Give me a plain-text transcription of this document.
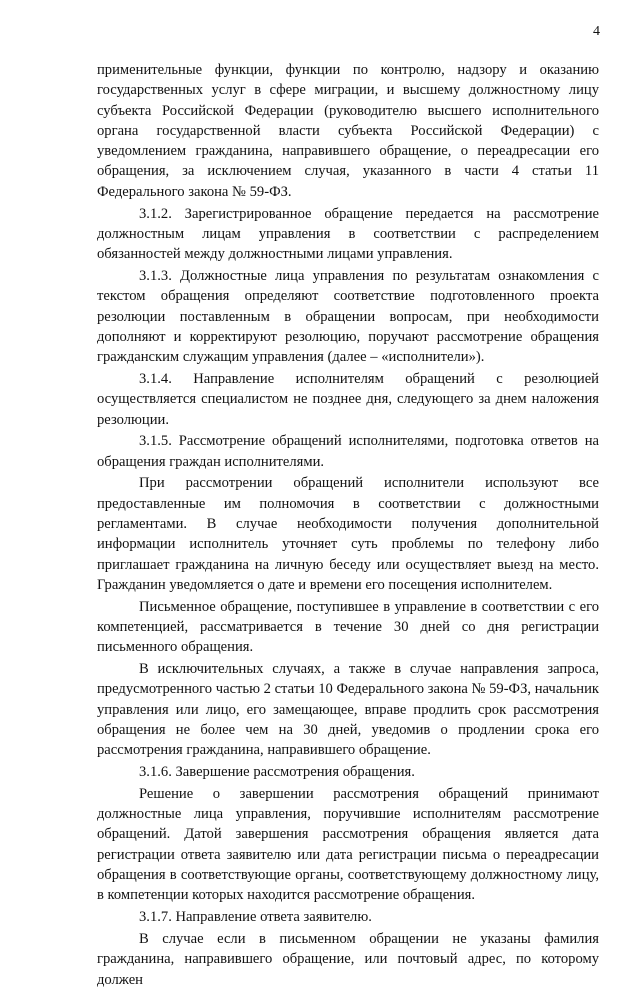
4

применительные функции, функции по контролю, надзору и оказанию государственных услуг в сфере миграции, и высшему должностному лицу субъекта Российской Федерации (руководителю высшего исполнительного органа государственной власти субъекта Российской Федерации) с уведомлением гражданина, направившего обращение, о переадресации его обращения, за исключением случая, указанного в части 4 статьи 11 Федерального закона № 59-ФЗ.

3.1.2. Зарегистрированное обращение передается на рассмотрение должностным лицам управления в соответствии с распределением обязанностей между должностными лицами управления.

3.1.3. Должностные лица управления по результатам ознакомления с текстом обращения определяют соответствие подготовленного проекта резолюции поставленным в обращении вопросам, при необходимости дополняют и корректируют резолюцию, поручают рассмотрение обращения гражданским служащим управления (далее – «исполнители»).

3.1.4. Направление исполнителям обращений с резолюцией осуществляется специалистом не позднее дня, следующего за днем наложения резолюции.

3.1.5. Рассмотрение обращений исполнителями, подготовка ответов на обращения граждан исполнителями.

При рассмотрении обращений исполнители используют все предоставленные им полномочия в соответствии с должностными регламентами. В случае необходимости получения дополнительной информации исполнитель уточняет суть проблемы по телефону либо приглашает гражданина на личную беседу или осуществляет выезд на место. Гражданин уведомляется о дате и времени его посещения исполнителем.

Письменное обращение, поступившее в управление в соответствии с его компетенцией, рассматривается в течение 30 дней со дня регистрации письменного обращения.

В исключительных случаях, а также в случае направления запроса, предусмотренного частью 2 статьи 10 Федерального закона № 59-ФЗ, начальник управления или лицо, его замещающее, вправе продлить срок рассмотрения обращения не более чем на 30 дней, уведомив о продлении срока его рассмотрения гражданина, направившего обращение.

3.1.6. Завершение рассмотрения обращения.

Решение о завершении рассмотрения обращений принимают должностные лица управления, поручившие исполнителям рассмотрение обращений. Датой завершения рассмотрения обращения является дата регистрации ответа заявителю или дата регистрации письма о переадресации обращения в соответствующие органы, соответствующему должностному лицу, в компетенции которых находится рассмотрение обращения.

3.1.7. Направление ответа заявителю.

В случае если в письменном обращении не указаны фамилия гражданина, направившего обращение, или почтовый адрес, по которому должен
